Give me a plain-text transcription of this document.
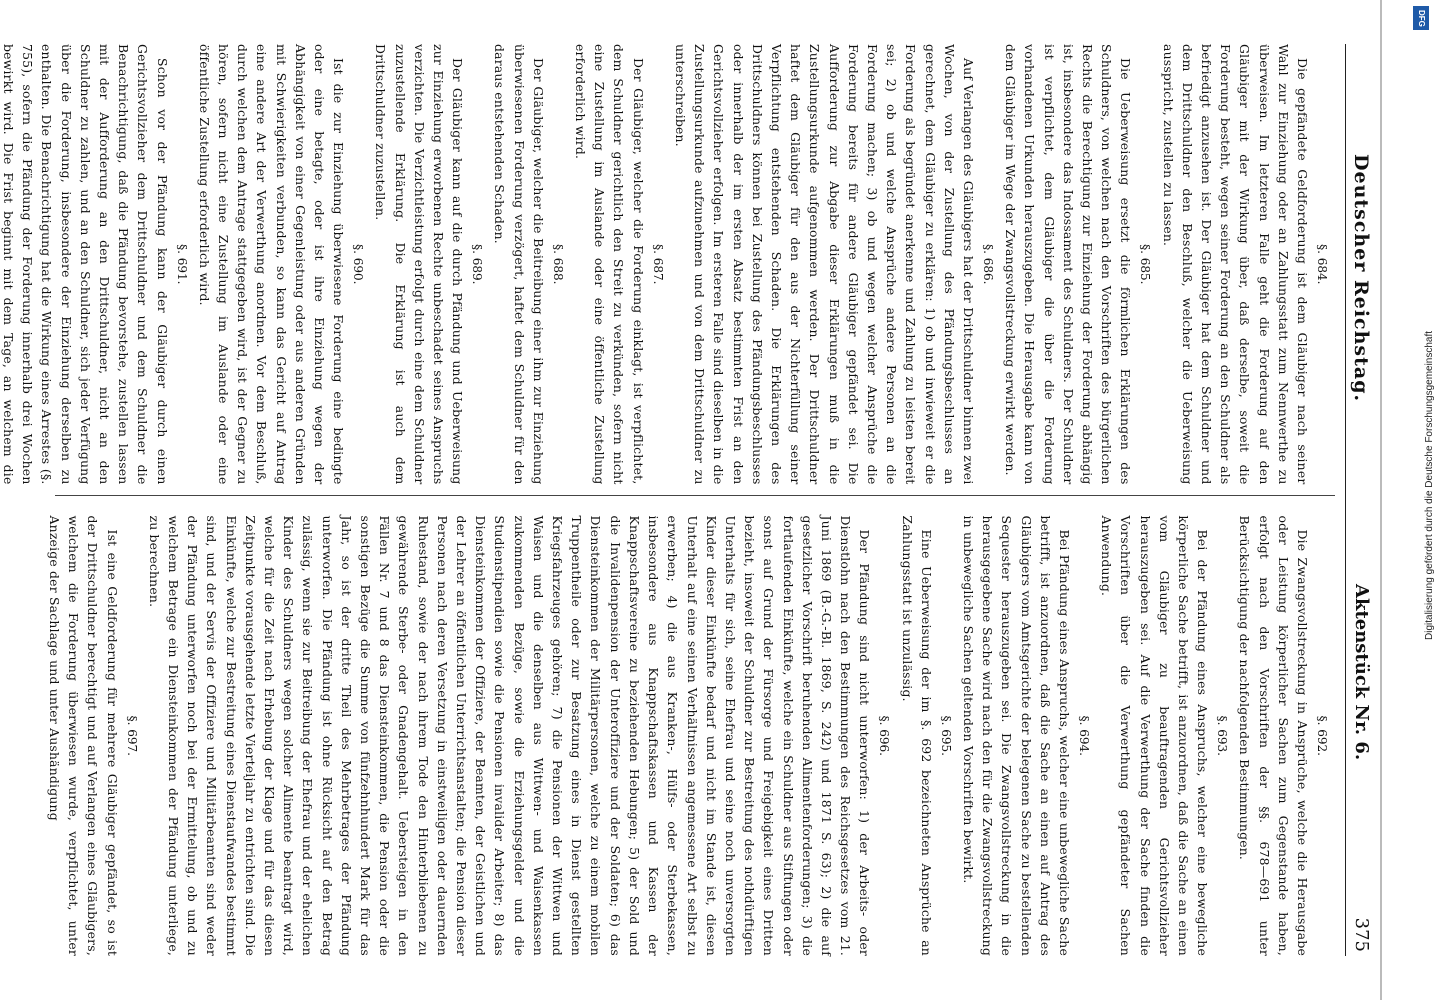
DFG
Digitalisierung gefördert durch die Deutsche Forschungsgemeinschaft
Deutscher Reichstag.
Aktenstück Nr. 6.
375
§. 684.

Die gepfändete Geldforderung ist dem Gläubiger nach seiner Wahl zur Einziehung oder an Zahlungsstatt zum Nennwerthe zu überweisen. Im letzteren Falle geht die Forderung auf den Gläubiger mit der Wirkung über, daß derselbe, soweit die Forderung besteht, wegen seiner Forderung an den Schuldner als befriedigt anzusehen ist. Der Gläubiger hat dem Schuldner und dem Drittschuldner den Beschluß, welcher die Ueberweisung ausspricht, zustellen zu lassen.

§. 685.

Die Ueberweisung ersetzt die förmlichen Erklärungen des Schuldners, von welchen nach den Vorschriften des bürgerlichen Rechts die Berechtigung zur Einziehung der Forderung abhängig ist, insbesondere das Indossament des Schuldners. Der Schuldner ist verpflichtet, dem Gläubiger die über die Forderung vorhandenen Urkunden herauszugeben. Die Herausgabe kann von dem Gläubiger im Wege der Zwangsvollstreckung erwirkt werden.

§. 686.

Auf Verlangen des Gläubigers hat der Drittschuldner binnen zwei Wochen, von der Zustellung des Pfändungsbeschlusses an gerechnet, dem Gläubiger zu erklären: 1) ob und inwieweit er die Forderung als begründet anerkenne und Zahlung zu leisten bereit sei; 2) ob und welche Ansprüche andere Personen an die Forderung machen; 3) ob und wegen welcher Ansprüche die Forderung bereits für andere Gläubiger gepfändet sei. Die Aufforderung zur Abgabe dieser Erklärungen muß in die Zustellungsurkunde aufgenommen werden. Der Drittschuldner haftet dem Gläubiger für den aus der Nichterfüllung seiner Verpflichtung entstehenden Schaden. Die Erklärungen des Drittschuldners können bei Zustellung des Pfändungsbeschlusses oder innerhalb der im ersten Absatz bestimmten Frist an den Gerichtsvollzieher erfolgen. Im ersteren Falle sind dieselben in die Zustellungsurkunde aufzunehmen und von dem Drittschuldner zu unterschreiben.

§. 687.

Der Gläubiger, welcher die Forderung einklagt, ist verpflichtet, dem Schuldner gerichtlich den Streit zu verkünden, sofern nicht eine Zustellung im Auslande oder eine öffentliche Zustellung erforderlich wird.

§. 688.

Der Gläubiger, welcher die Beitreibung einer ihm zur Einziehung überwiesenen Forderung verzögert, haftet dem Schuldner für den daraus entstehenden Schaden.

§. 689.

Der Gläubiger kann auf die durch Pfändung und Ueberweisung zur Einziehung erworbenen Rechte unbeschadet seines Anspruchs verzichten. Die Verzichtleistung erfolgt durch eine dem Schuldner zuzustellende Erklärung. Die Erklärung ist auch dem Drittschuldner zuzustellen.

§. 690.

Ist die zur Einziehung überwiesene Forderung eine bedingte oder eine betagte, oder ist ihre Einziehung wegen der Abhängigkeit von einer Gegenleistung oder aus anderen Gründen mit Schwierigkeiten verbunden, so kann das Gericht auf Antrag eine andere Art der Verwerthung anordnen. Vor dem Beschluß, durch welchen dem Antrage stattgegeben wird, ist der Gegner zu hören, sofern nicht eine Zustellung im Auslande oder eine öffentliche Zustellung erforderlich wird.

§. 691.

Schon vor der Pfändung kann der Gläubiger durch einen Gerichtsvollzieher dem Drittschuldner und dem Schuldner die Benachrichtigung, daß die Pfändung bevorstehe, zustellen lassen mit der Aufforderung an den Drittschuldner, nicht an den Schuldner zu zahlen, und an den Schuldner, sich jeder Verfügung über die Forderung, insbesondere der Einziehung derselben zu enthalten. Die Benachrichtigung hat die Wirkung eines Arrestes (§. 755), sofern die Pfändung der Forderung innerhalb drei Wochen bewirkt wird. Die Frist beginnt mit dem Tage, an welchem die

§. 692.

Die Zwangsvollstreckung in Ansprüche, welche die Herausgabe oder Leistung körperlicher Sachen zum Gegenstande haben, erfolgt nach den Vorschriften der §§. 678—691 unter Berücksichtigung der nachfolgenden Bestimmungen.

§. 693.

Bei der Pfändung eines Anspruchs, welcher eine bewegliche körperliche Sache betrifft, ist anzuordnen, daß die Sache an einen vom Gläubiger zu beauftragenden Gerichtsvollzieher herauszugeben sei. Auf die Verwerthung der Sache finden die Vorschriften über die Verwerthung gepfändeter Sachen Anwendung.

§. 694.

Bei Pfändung eines Anspruchs, welcher eine unbewegliche Sache betrifft, ist anzuordnen, daß die Sache an einen auf Antrag des Gläubigers vom Amtsgerichte der belegenen Sache zu bestellenden Sequester herauszugeben sei. Die Zwangsvollstreckung in die herausgegebene Sache wird nach den für die Zwangsvollstreckung in unbewegliche Sachen geltenden Vorschriften bewirkt.

§. 695.

Eine Ueberweisung der im §. 692 bezeichneten Ansprüche an Zahlungsstatt ist unzulässig.

§. 696.

Der Pfändung sind nicht unterworfen: 1) der Arbeits- oder Dienstlohn nach den Bestimmungen des Reichsgesetzes vom 21. Juni 1869 (B.-G.-Bl. 1869, S. 242) und 1871 S. 63); 2) die auf gesetzlicher Vorschrift beruhenden Alimentenforderungen; 3) die fortlaufenden Einkünfte, welche ein Schuldner aus Stiftungen oder sonst auf Grund der Fürsorge und Freigebigkeit eines Dritten bezieht, insoweit der Schuldner zur Bestreitung des nothdürftigen Unterhalts für sich, seine Ehefrau und seine noch unversorgten Kinder dieser Einkünfte bedarf und nicht im Stande ist, diesen Unterhalt auf eine seinen Verhältnissen angemessene Art selbst zu erwerben; 4) die aus Kranken-, Hülfs- oder Sterbekassen, insbesondere aus Knappschaftskassen und Kassen der Knappschaftsvereine zu beziehenden Hebungen; 5) der Sold und die Invalidenpension der Unteroffiziere und der Soldaten; 6) das Diensteinkommen der Militärpersonen, welche zu einem mobilen Truppentheile oder zur Besatzung eines in Dienst gestellten Kriegsfahrzeuges gehören; 7) die Pensionen der Wittwen und Waisen und die denselben aus Wittwen- und Waisenkassen zukommenden Bezüge, sowie die Erziehungsgelder und die Studienstipendien sowie die Pensionen invalider Arbeiter; 8) das Diensteinkommen der Offiziere, der Beamten, der Geistlichen und der Lehrer an öffentlichen Unterrichtsanstalten; die Pension dieser Personen nach deren Versetzung in einstweiligen oder dauernden Ruhestand, sowie der nach ihrem Tode den Hinterbliebenen zu gewährende Sterbe- oder Gnadengehalt. Uebersteigen in den Fällen Nr. 7 und 8 das Diensteinkommen, die Pension oder die sonstigen Bezüge die Summe von fünfzehnhundert Mark für das Jahr, so ist der dritte Theil des Mehrbetrages der Pfändung unterworfen. Die Pfändung ist ohne Rücksicht auf den Betrag zulässig, wenn sie zur Beitreibung der Ehefrau und der ehelichen Kinder des Schuldners wegen solcher Alimente beantragt wird, welche für die Zeit nach Erhebung der Klage und für das diesen Zeitpunkte vorausgehende letzte Vierteljahr zu entrichten sind. Die Einkünfte, welche zur Bestreitung eines Dienstaufwandes bestimmt sind, und der Servis der Offiziere und Militärbeamten sind weder der Pfändung unterworfen noch bei der Ermittelung, ob und zu welchem Betrage ein Diensteinkommen der Pfändung unterliege, zu berechnen.

§. 697.

Ist eine Geldforderung für mehrere Gläubiger gepfändet, so ist der Drittschuldner berechtigt und auf Verlangen eines Gläubigers, welchem die Forderung überwiesen wurde, verpflichtet, unter Anzeige der Sachlage und unter Aushändigung
